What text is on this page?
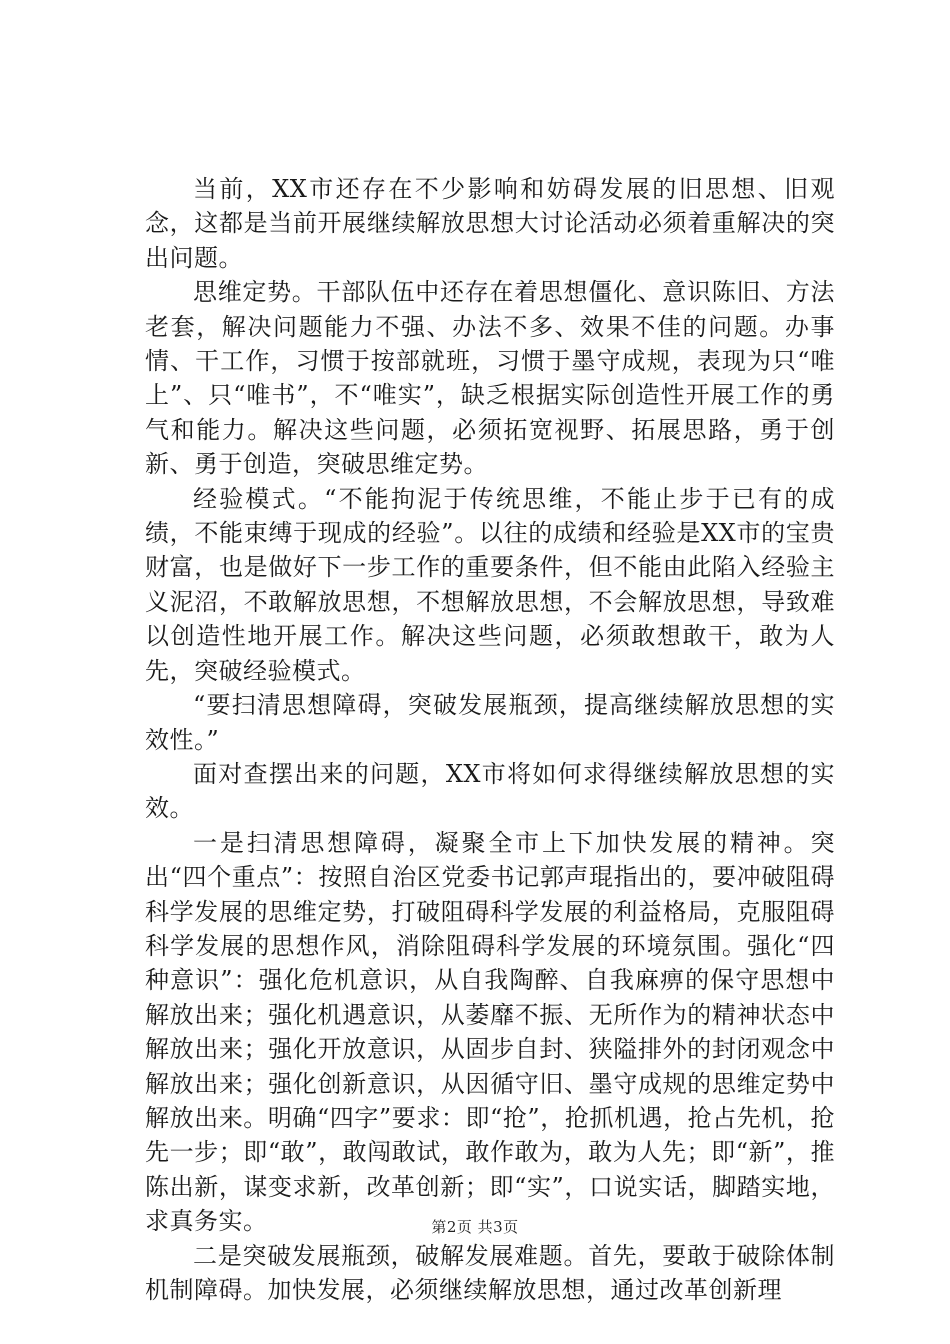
当前，XX市还存在不少影响和妨碍发展的旧思想、旧观念，这都是当前开展继续解放思想大讨论活动必须着重解决的突出问题。

思维定势。干部队伍中还存在着思想僵化、意识陈旧、方法老套，解决问题能力不强、办法不多、效果不佳的问题。办事情、干工作，习惯于按部就班，习惯于墨守成规，表现为只“唯上”、只“唯书”，不“唯实”，缺乏根据实际创造性开展工作的勇气和能力。解决这些问题，必须拓宽视野、拓展思路，勇于创新、勇于创造，突破思维定势。

经验模式。“不能拘泥于传统思维，不能止步于已有的成绩，不能束缚于现成的经验”。以往的成绩和经验是XX市的宝贵财富，也是做好下一步工作的重要条件，但不能由此陷入经验主义泥沼，不敢解放思想，不想解放思想，不会解放思想，导致难以创造性地开展工作。解决这些问题，必须敢想敢干，敢为人先，突破经验模式。

“要扫清思想障碍，突破发展瓶颈，提高继续解放思想的实效性。”

面对查摆出来的问题，XX市将如何求得继续解放思想的实效。

一是扫清思想障碍，凝聚全市上下加快发展的精神。突出“四个重点”：按照自治区党委书记郭声琨指出的，要冲破阻碍科学发展的思维定势，打破阻碍科学发展的利益格局，克服阻碍科学发展的思想作风，消除阻碍科学发展的环境氛围。强化“四种意识”：强化危机意识，从自我陶醉、自我麻痹的保守思想中解放出来；强化机遇意识，从萎靡不振、无所作为的精神状态中解放出来；强化开放意识，从固步自封、狭隘排外的封闭观念中解放出来；强化创新意识，从因循守旧、墨守成规的思维定势中解放出来。明确“四字”要求：即“抢”，抢抓机遇，抢占先机，抢先一步；即“敢”，敢闯敢试，敢作敢为，敢为人先；即“新”，推陈出新，谋变求新，改革创新；即“实”，口说实话，脚踏实地，求真务实。

二是突破发展瓶颈，破解发展难题。首先，要敢于破除体制机制障碍。加快发展，必须继续解放思想，通过改革创新理

第2页 共3页
